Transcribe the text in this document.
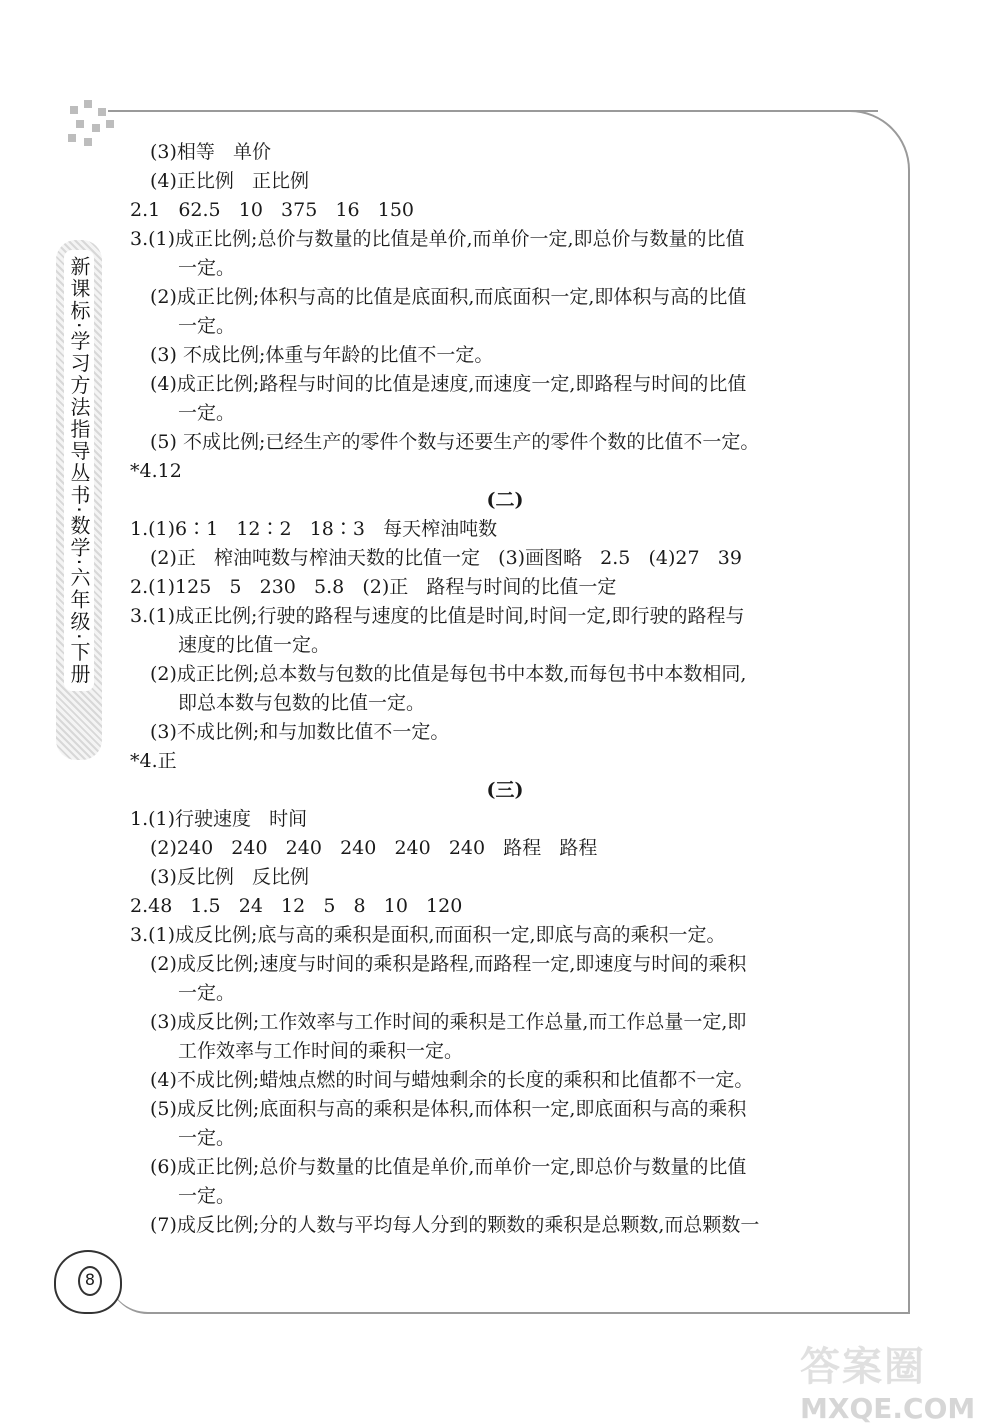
新课标·学习方法指导丛书·数学·六年级·下册
8
(3)相等   单价
(4)正比例   正比例
2.1   62.5   10   375   16   150
3.(1)成正比例;总价与数量的比值是单价,而单价一定,即总价与数量的比值
一定。
(2)成正比例;体积与高的比值是底面积,而底面积一定,即体积与高的比值
一定。
(3) 不成比例;体重与年龄的比值不一定。
(4)成正比例;路程与时间的比值是速度,而速度一定,即路程与时间的比值
一定。
(5) 不成比例;已经生产的零件个数与还要生产的零件个数的比值不一定。
*4.12
(二)
1.(1)6∶1   12∶2   18∶3   每天榨油吨数
(2)正   榨油吨数与榨油天数的比值一定   (3)画图略   2.5   (4)27   39
2.(1)125   5   230   5.8   (2)正   路程与时间的比值一定
3.(1)成正比例;行驶的路程与速度的比值是时间,时间一定,即行驶的路程与
速度的比值一定。
(2)成正比例;总本数与包数的比值是每包书中本数,而每包书中本数相同,
即总本数与包数的比值一定。
(3)不成比例;和与加数比值不一定。
*4.正
(三)
1.(1)行驶速度   时间
(2)240   240   240   240   240   240   路程   路程
(3)反比例   反比例
2.48   1.5   24   12   5   8   10   120
3.(1)成反比例;底与高的乘积是面积,而面积一定,即底与高的乘积一定。
(2)成反比例;速度与时间的乘积是路程,而路程一定,即速度与时间的乘积
一定。
(3)成反比例;工作效率与工作时间的乘积是工作总量,而工作总量一定,即
工作效率与工作时间的乘积一定。
(4)不成比例;蜡烛点燃的时间与蜡烛剩余的长度的乘积和比值都不一定。
(5)成反比例;底面积与高的乘积是体积,而体积一定,即底面积与高的乘积
一定。
(6)成正比例;总价与数量的比值是单价,而单价一定,即总价与数量的比值
一定。
(7)成反比例;分的人数与平均每人分到的颗数的乘积是总颗数,而总颗数一
答案圈
MXQE.COM
